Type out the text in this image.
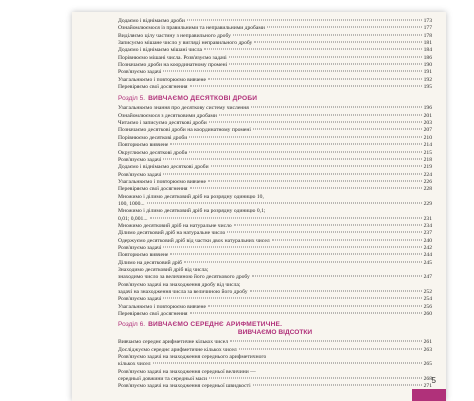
Додаємо і віднімаємо дроби	173
Ознайомлюємося із правильними та неправильними дробами	177
Виділяємо цілу частину з неправильного дробу	178
Записуємо мішане число у вигляді неправильного дробу	181
Додаємо і віднімаємо мішані числа	184
Порівнюємо мішані числа. Розв'язуємо задачі	186
Позначаємо дроби на координатному промені	190
Розв'язуємо задачі	191
Узагальнюємо і повторюємо вивчене	192
Перевіряємо свої досягнення	195
Розділ 5. ВИВЧАЄМО ДЕСЯТКОВІ ДРОБИ
Узагальнюємо знання про десяткову систему числення	196
Ознайомлюємося з десятковими дробами	201
Читаємо і записуємо десяткові дроби	203
Позначаємо десяткові дроби на координатному промені	207
Порівнюємо десяткові дроби	210
Повторюємо вивчене	214
Округлюємо десяткові дроби	215
Розв'язуємо задачі	218
Додаємо і віднімаємо десяткові дроби	219
Розв'язуємо задачі	224
Узагальнюємо і повторюємо вивчене	226
Перевіряємо свої досягнення	228
Множимо і ділимо десятковий дріб на розрядну одиницю 10,
100, 1000...	229
Множимо і ділимо десятковий дріб на розрядну одиницю 0,1;
0,01; 0,001...	231
Множимо десятковий дріб на натуральне число	234
Ділимо десятковий дріб на натуральне число	237
Одержуємо десятковий дріб від частки двох натуральних чисел	240
Розв'язуємо задачі	242
Повторюємо вивчене	244
Ділимо на десятковий дріб	245
Знаходимо десятковий дріб від числа;
знаходимо число за величиною його десяткового дробу	247
Розв'язуємо задачі на знаходження дробу від числа;
задачі на знаходження числа за величиною його дробу	252
Розв'язуємо задачі	254
Узагальнюємо і повторюємо вивчене	256
Перевіряємо свої досягнення	260
Розділ 6. ВИВЧАЄМО СЕРЕДНЄ АРИФМЕТИЧНЕ.
ВИВЧАЄМО ВІДСОТКИ
Вивчаємо середнє арифметичне кількох чисел	261
Досліджуємо середнє арифметичне кількох чисел	263
Розв'язуємо задачі на знаходження середнього арифметичного
кількох чисел	265
Розв'язуємо задачі на знаходження середньої величини —
середньої довжини та середньої маси	268
Розв'язуємо задачі на знаходження середньої швидкості	271
5
